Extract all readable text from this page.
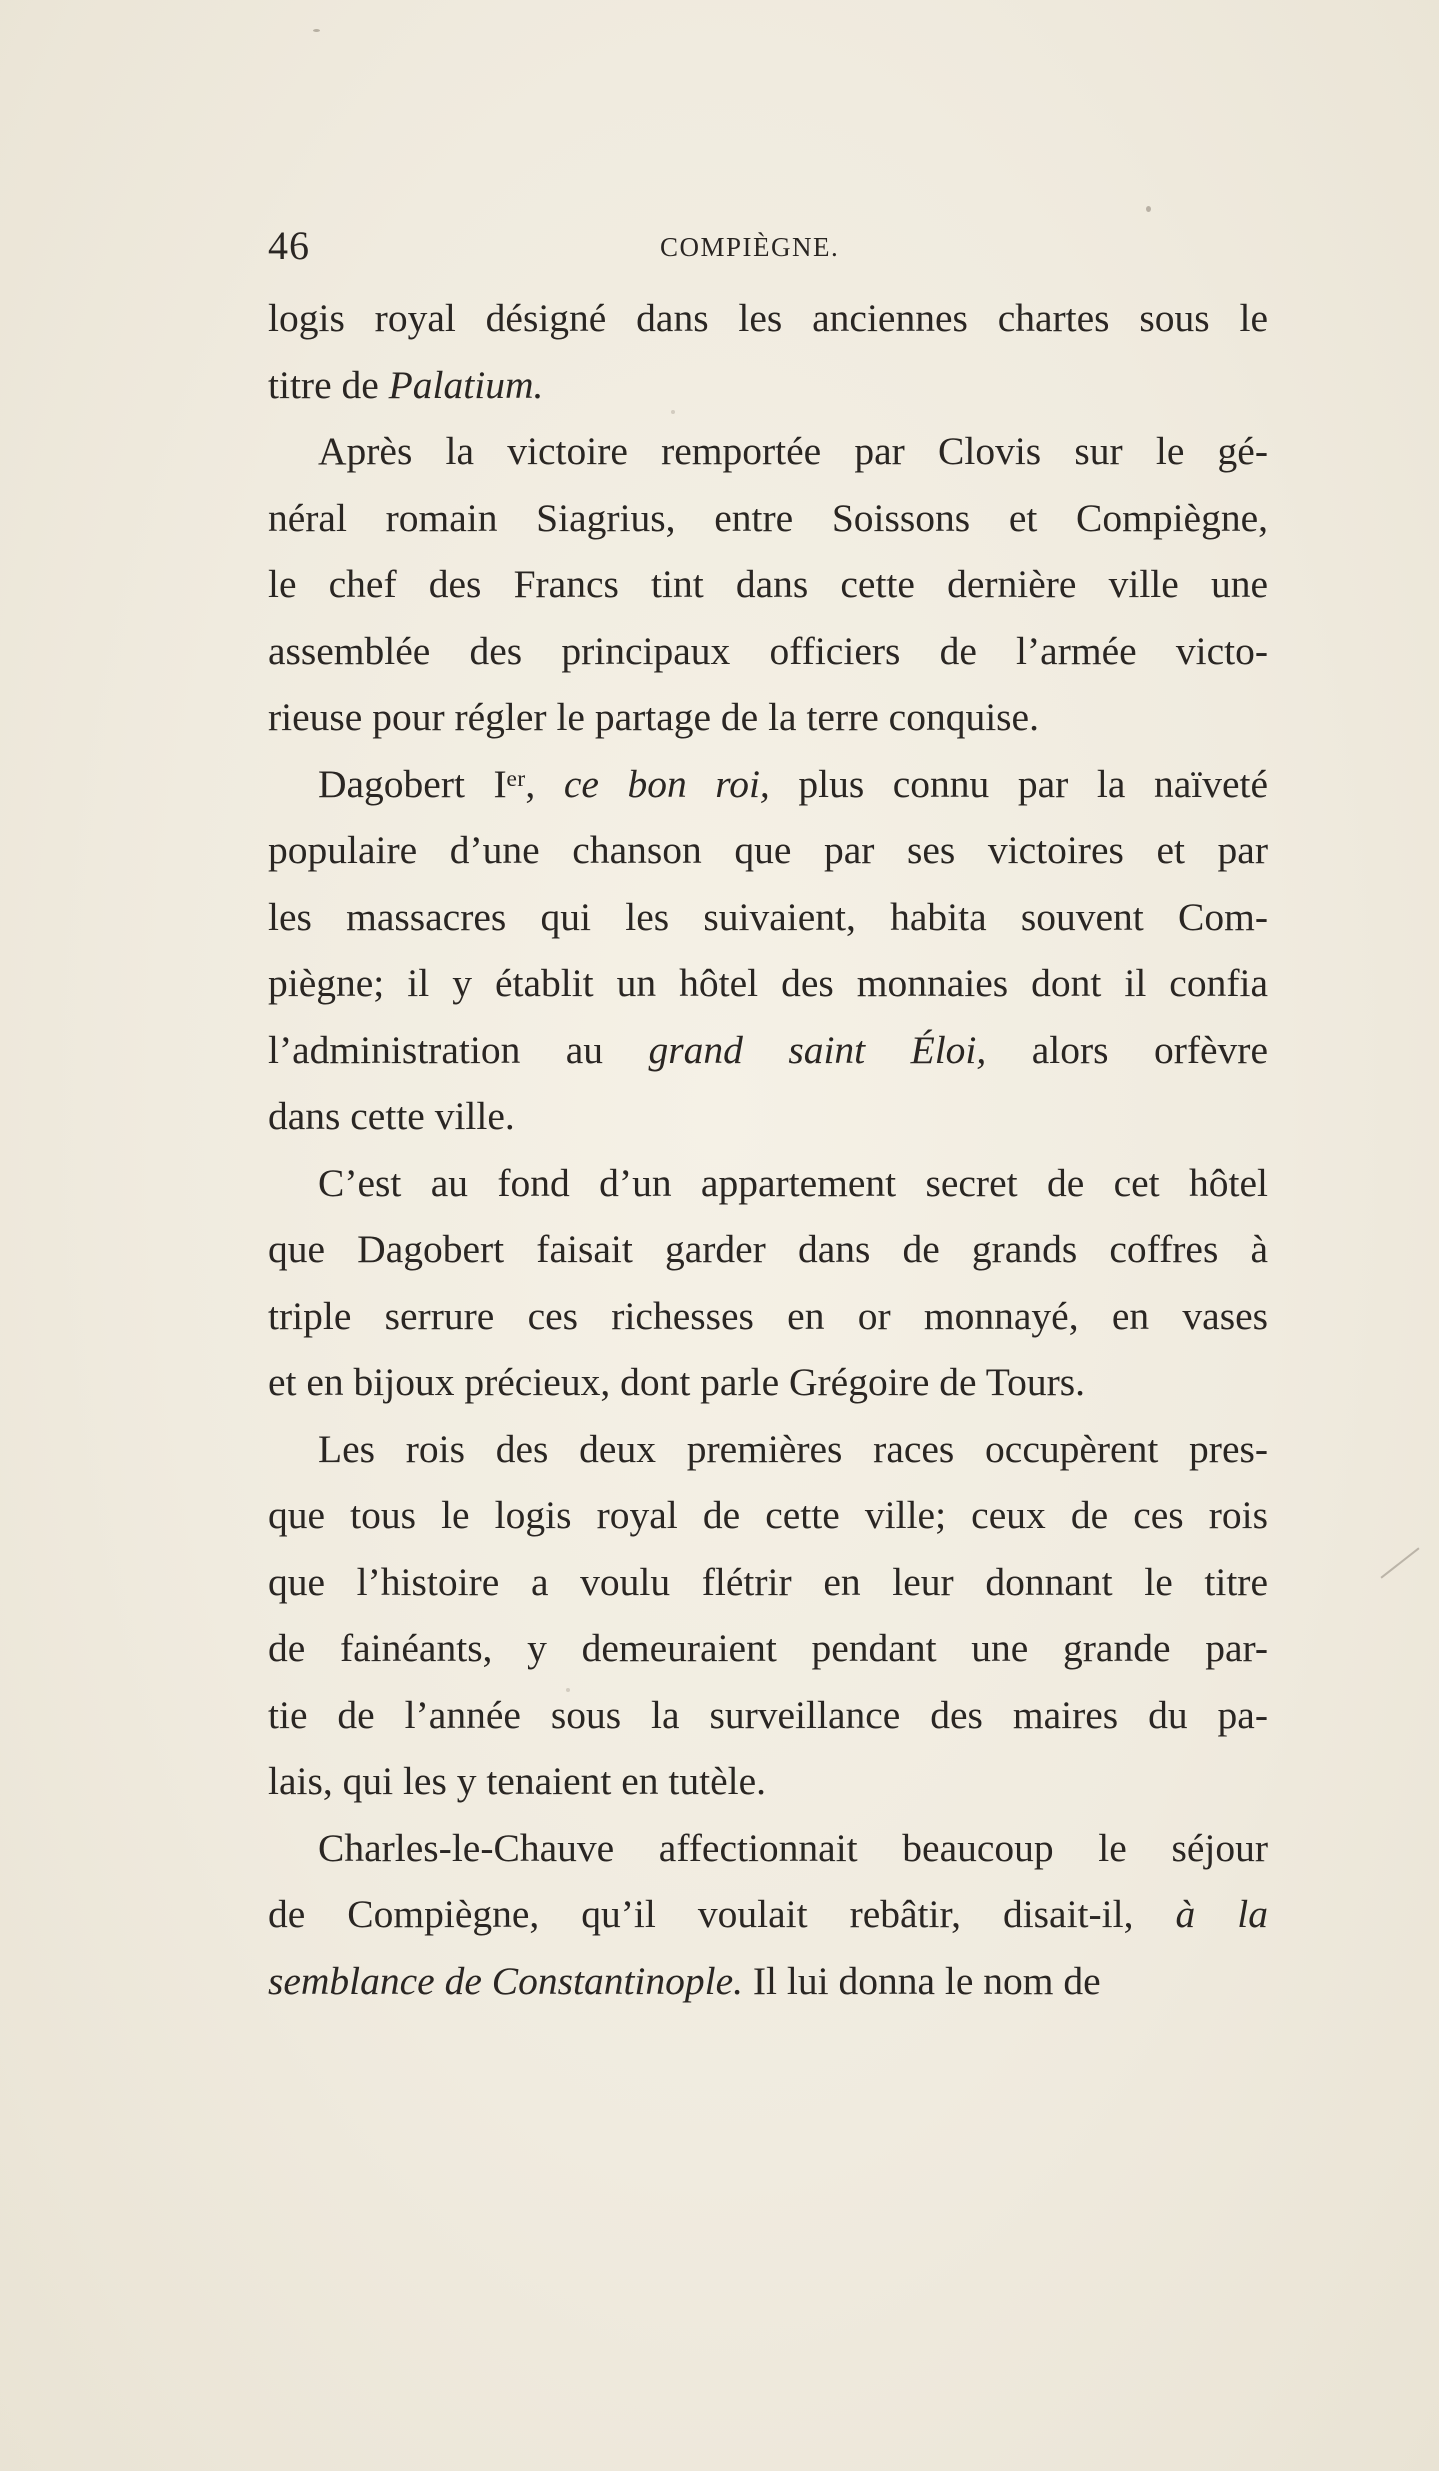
46	COMPIÈGNE.
logis royal désigné dans les anciennes chartes sous le
titre de Palatium.
Après la victoire remportée par Clovis sur le gé-
néral romain Siagrius, entre Soissons et Compiègne,
le chef des Francs tint dans cette dernière ville une
assemblée des principaux officiers de l’armée victo-
rieuse pour régler le partage de la terre conquise.
Dagobert Iᵉʳ, ce bon roi, plus connu par la naïveté
populaire d’une chanson que par ses victoires et par
les massacres qui les suivaient, habita souvent Com-
piègne; il y établit un hôtel des monnaies dont il confia
l’administration au grand saint Éloi, alors orfèvre
dans cette ville.
C’est au fond d’un appartement secret de cet hôtel
que Dagobert faisait garder dans de grands coffres à
triple serrure ces richesses en or monnayé, en vases
et en bijoux précieux, dont parle Grégoire de Tours.
Les rois des deux premières races occupèrent pres-
que tous le logis royal de cette ville; ceux de ces rois
que l’histoire a voulu flétrir en leur donnant le titre
de fainéants, y demeuraient pendant une grande par-
tie de l’année sous la surveillance des maires du pa-
lais, qui les y tenaient en tutèle.
Charles-le-Chauve affectionnait beaucoup le séjour
de Compiègne, qu’il voulait rebâtir, disait-il, à la
semblance de Constantinople. Il lui donna le nom de
